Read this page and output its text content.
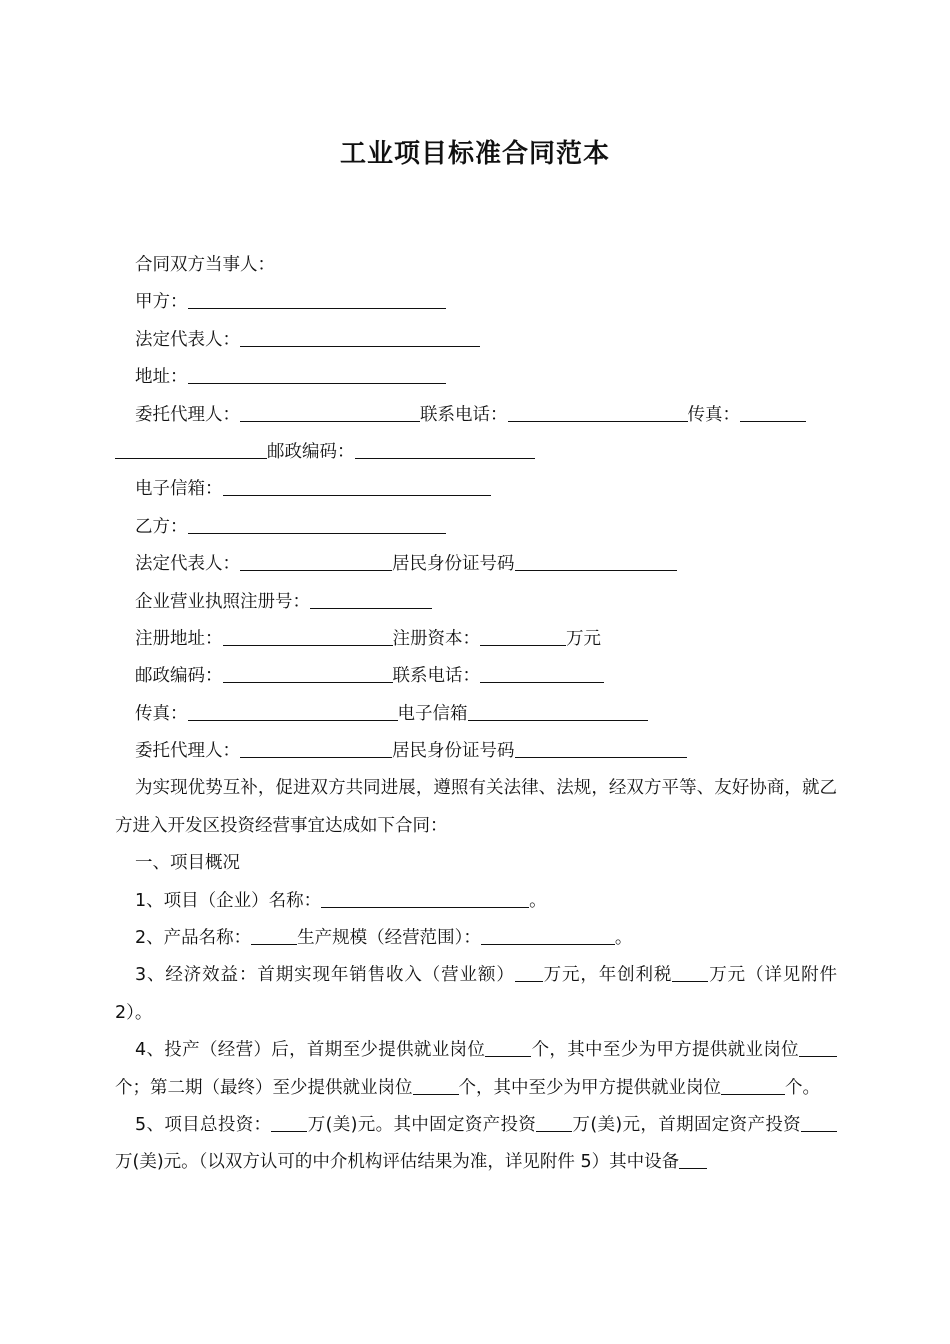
工业项目标准合同范本
合同双方当事人：
甲方：
法定代表人：
地址：
委托代理人：	联系电话：	传真：
邮政编码：
电子信箱：
乙方：
法定代表人：	居民身份证号码
企业营业执照注册号：
注册地址：	注册资本：	万元
邮政编码：	联系电话：
传真：	电子信箱
委托代理人：	居民身份证号码
为实现优势互补，促进双方共同进展，遵照有关法律、法规，经双方平等、友好协商，就乙方进入开发区投资经营事宜达成如下合同：
一、项目概况
1、项目（企业）名称：	。
2、产品名称：	生产规模（经营范围）：	。
3、经济效益：首期实现年销售收入（营业额） 万元，年创利税 万元（详见附件 2）。
4、投产（经营）后，首期至少提供就业岗位	个，其中至少为甲方提供就业岗位个；第二期（最终）至少提供就业岗位	个，其中至少为甲方提供就业岗位	个。
5、项目总投资： 万(美)元。其中固定资产投资 万(美)元，首期固定资产投资万(美)元。（以双方认可的中介机构评估结果为准，详见附件 5）其中设备
